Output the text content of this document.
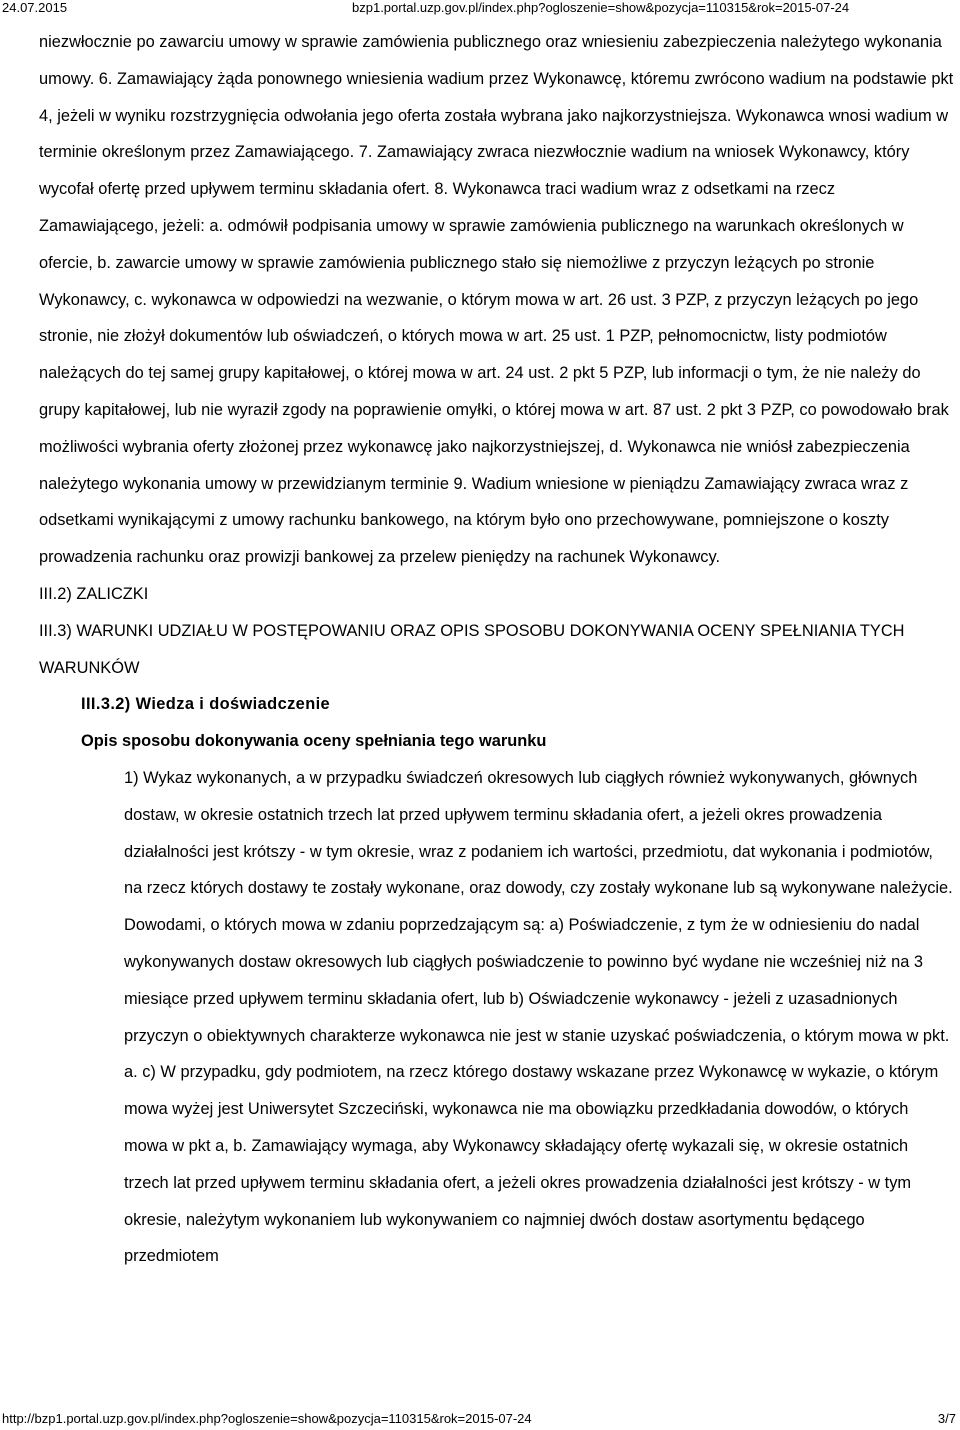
24.07.2015	bzp1.portal.uzp.gov.pl/index.php?ogloszenie=show&pozycja=110315&rok=2015-07-24

niezwłocznie po zawarciu umowy w sprawie zamówienia publicznego oraz wniesieniu zabezpieczenia należytego wykonania umowy. 6. Zamawiający żąda ponownego wniesienia wadium przez Wykonawcę, któremu zwrócono wadium na podstawie pkt 4, jeżeli w wyniku rozstrzygnięcia odwołania jego oferta została wybrana jako najkorzystniejsza. Wykonawca wnosi wadium w terminie określonym przez Zamawiającego. 7. Zamawiający zwraca niezwłocznie wadium na wniosek Wykonawcy, który wycofał ofertę przed upływem terminu składania ofert. 8. Wykonawca traci wadium wraz z odsetkami na rzecz Zamawiającego, jeżeli: a. odmówił podpisania umowy w sprawie zamówienia publicznego na warunkach określonych w ofercie, b. zawarcie umowy w sprawie zamówienia publicznego stało się niemożliwe z przyczyn leżących po stronie Wykonawcy, c. wykonawca w odpowiedzi na wezwanie, o którym mowa w art. 26 ust. 3 PZP, z przyczyn leżących po jego stronie, nie złożył dokumentów lub oświadczeń, o których mowa w art. 25 ust. 1 PZP, pełnomocnictw, listy podmiotów należących do tej samej grupy kapitałowej, o której mowa w art. 24 ust. 2 pkt 5 PZP, lub informacji o tym, że nie należy do grupy kapitałowej, lub nie wyraził zgody na poprawienie omyłki, o której mowa w art. 87 ust. 2 pkt 3 PZP, co powodowało brak możliwości wybrania oferty złożonej przez wykonawcę jako najkorzystniejszej, d. Wykonawca nie wniósł zabezpieczenia należytego wykonania umowy w przewidzianym terminie 9. Wadium wniesione w pieniądzu Zamawiający zwraca wraz z odsetkami wynikającymi z umowy rachunku bankowego, na którym było ono przechowywane, pomniejszone o koszty prowadzenia rachunku oraz prowizji bankowej za przelew pieniędzy na rachunek Wykonawcy.

III.2) ZALICZKI

III.3) WARUNKI UDZIAŁU W POSTĘPOWANIU ORAZ OPIS SPOSOBU DOKONYWANIA OCENY SPEŁNIANIA TYCH WARUNKÓW

III.3.2) Wiedza i doświadczenie

Opis sposobu dokonywania oceny spełniania tego warunku

1) Wykaz wykonanych, a w przypadku świadczeń okresowych lub ciągłych również wykonywanych, głównych dostaw, w okresie ostatnich trzech lat przed upływem terminu składania ofert, a jeżeli okres prowadzenia działalności jest krótszy - w tym okresie, wraz z podaniem ich wartości, przedmiotu, dat wykonania i podmiotów, na rzecz których dostawy te zostały wykonane, oraz dowody, czy zostały wykonane lub są wykonywane należycie. Dowodami, o których mowa w zdaniu poprzedzającym są: a) Poświadczenie, z tym że w odniesieniu do nadal wykonywanych dostaw okresowych lub ciągłych poświadczenie to powinno być wydane nie wcześniej niż na 3 miesiące przed upływem terminu składania ofert, lub b) Oświadczenie wykonawcy - jeżeli z uzasadnionych przyczyn o obiektywnych charakterze wykonawca nie jest w stanie uzyskać poświadczenia, o którym mowa w pkt. a. c) W przypadku, gdy podmiotem, na rzecz którego dostawy wskazane przez Wykonawcę w wykazie, o którym mowa wyżej jest Uniwersytet Szczeciński, wykonawca nie ma obowiązku przedkładania dowodów, o których mowa w pkt a, b. Zamawiający wymaga, aby Wykonawcy składający ofertę wykazali się, w okresie ostatnich trzech lat przed upływem terminu składania ofert, a jeżeli okres prowadzenia działalności jest krótszy - w tym okresie, należytym wykonaniem lub wykonywaniem co najmniej dwóch dostaw asortymentu będącego przedmiotem

http://bzp1.portal.uzp.gov.pl/index.php?ogloszenie=show&pozycja=110315&rok=2015-07-24	3/7
